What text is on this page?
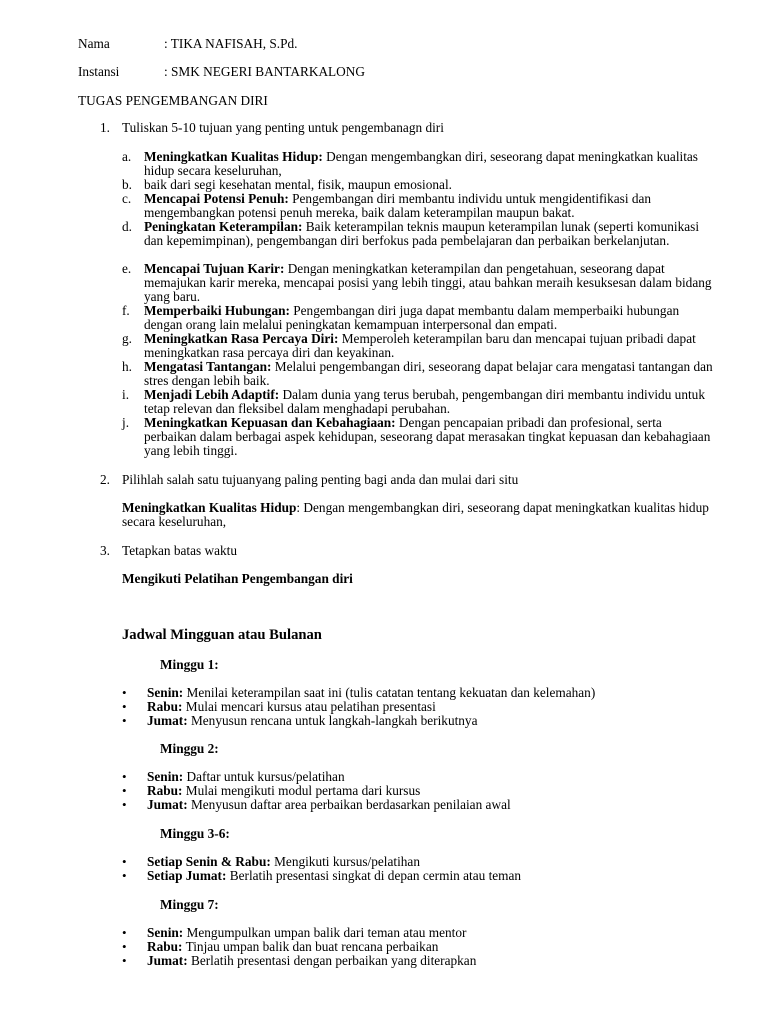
Nama	: TIKA NAFISAH, S.Pd.
Instansi	: SMK NEGERI BANTARKALONG
TUGAS PENGEMBANGAN DIRI
1. Tuliskan 5-10 tujuan yang penting untuk pengembanagn diri
a. Meningkatkan Kualitas Hidup: Dengan mengembangkan diri, seseorang dapat meningkatkan kualitas hidup secara keseluruhan,
b. baik dari segi kesehatan mental, fisik, maupun emosional.
c. Mencapai Potensi Penuh: Pengembangan diri membantu individu untuk mengidentifikasi dan mengembangkan potensi penuh mereka, baik dalam keterampilan maupun bakat.
d. Peningkatan Keterampilan: Baik keterampilan teknis maupun keterampilan lunak (seperti komunikasi dan kepemimpinan), pengembangan diri berfokus pada pembelajaran dan perbaikan berkelanjutan.
e. Mencapai Tujuan Karir: Dengan meningkatkan keterampilan dan pengetahuan, seseorang dapat memajukan karir mereka, mencapai posisi yang lebih tinggi, atau bahkan meraih kesuksesan dalam bidang yang baru.
f.	Memperbaiki Hubungan: Pengembangan diri juga dapat membantu dalam memperbaiki hubungan dengan orang lain melalui peningkatan kemampuan interpersonal dan empati.
g. Meningkatkan Rasa Percaya Diri: Memperoleh keterampilan baru dan mencapai tujuan pribadi dapat meningkatkan rasa percaya diri dan keyakinan.
h. Mengatasi Tantangan: Melalui pengembangan diri, seseorang dapat belajar cara mengatasi tantangan dan stres dengan lebih baik.
i.	Menjadi Lebih Adaptif: Dalam dunia yang terus berubah, pengembangan diri membantu individu untuk tetap relevan dan fleksibel dalam menghadapi perubahan.
j.	Meningkatkan Kepuasan dan Kebahagiaan: Dengan pencapaian pribadi dan profesional, serta perbaikan dalam berbagai aspek kehidupan, seseorang dapat merasakan tingkat kepuasan dan kebahagiaan yang lebih tinggi.
2. Pilihlah salah satu tujuanyang paling penting bagi anda dan mulai dari situ
Meningkatkan Kualitas Hidup: Dengan mengembangkan diri, seseorang dapat meningkatkan kualitas hidup secara keseluruhan,
3. Tetapkan batas waktu
Mengikuti Pelatihan Pengembangan diri
Jadwal Mingguan atau Bulanan
Minggu 1:
• Senin: Menilai keterampilan saat ini (tulis catatan tentang kekuatan dan kelemahan)
• Rabu: Mulai mencari kursus atau pelatihan presentasi
• Jumat: Menyusun rencana untuk langkah-langkah berikutnya
Minggu 2:
• Senin: Daftar untuk kursus/pelatihan
• Rabu: Mulai mengikuti modul pertama dari kursus
• Jumat: Menyusun daftar area perbaikan berdasarkan penilaian awal
Minggu 3-6:
• Setiap Senin & Rabu: Mengikuti kursus/pelatihan
• Setiap Jumat: Berlatih presentasi singkat di depan cermin atau teman
Minggu 7:
• Senin: Mengumpulkan umpan balik dari teman atau mentor
• Rabu: Tinjau umpan balik dan buat rencana perbaikan
• Jumat: Berlatih presentasi dengan perbaikan yang diterapkan
